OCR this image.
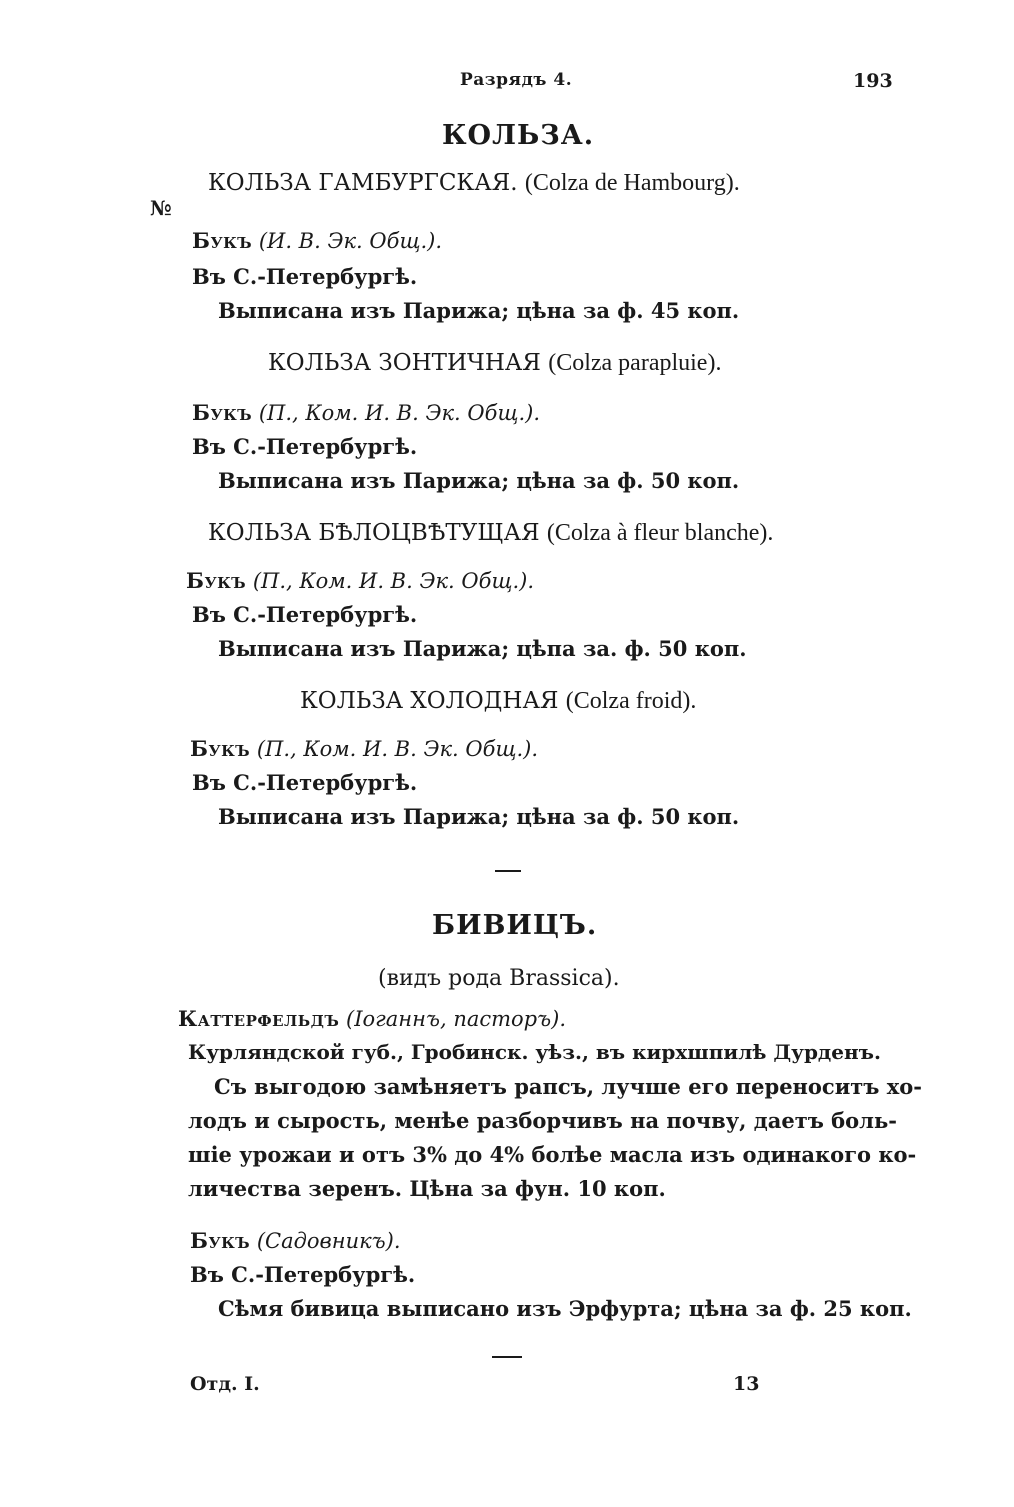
Разрядъ 4.	193
КОЛЬЗА.
КОЛЬЗА ГАМБУРГСКАЯ. (Colza de Hambourg).
№
Букъ (И. В. Эк. Общ.).
Въ С.-Петербургѣ.
Выписана изъ Парижа; цѣна за ф. 45 коп.
КОЛЬЗА ЗОНТИЧНАЯ (Colza parapluie).
Букъ (П., Ком. И. В. Эк. Общ.).
Въ С.-Петербургѣ.
Выписана изъ Парижа; цѣна за ф. 50 коп.
КОЛЬЗА БѢЛОЦВѢТУЩАЯ (Colza à fleur blanche).
Букъ (П., Ком. И. В. Эк. Общ.).
Въ С.-Петербургѣ.
Выписана изъ Парижа; цѣпа за. ф. 50 коп.
КОЛЬЗА ХОЛОДНАЯ (Colza froid).
Букъ (П., Ком. И. В. Эк. Общ.).
Въ С.-Петербургѣ.
Выписана изъ Парижа; цѣна за ф. 50 коп.
БИВИЦЪ.
(видъ рода Brassica).
Каттерфельдъ (Іоганнъ, пасторъ).
Курляндской губ., Гробинск. уѣз., въ кирхшпилѣ Дурденъ.
Съ выгодою замѣняетъ рапсъ, лучше его переноситъ хо-
лодъ и сырость, менѣе разборчивъ на почву, даетъ боль-
шіе урожаи и отъ 3% до 4% болѣе масла изъ одинакого ко-
личества зеренъ. Цѣна за фун. 10 коп.
Букъ (Садовникъ).
Въ С.-Петербургѣ.
Сѣмя бивица выписано изъ Эрфурта; цѣна за ф. 25 коп.
Отд. I.	13
